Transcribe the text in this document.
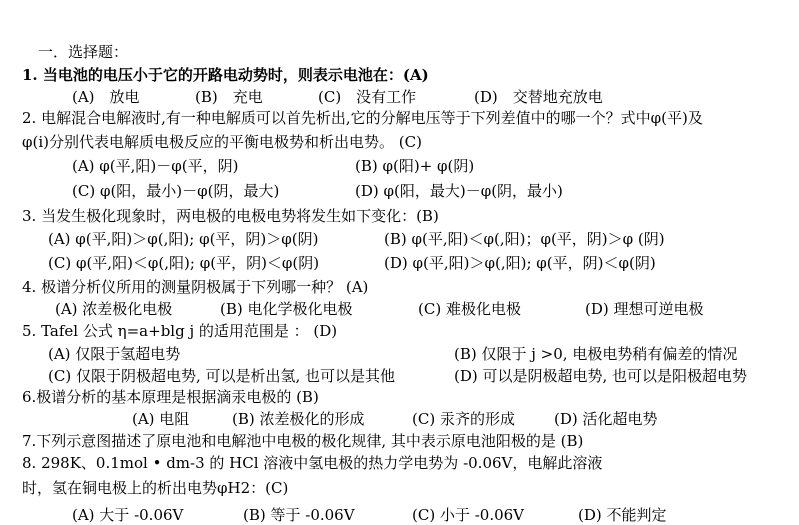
一．选择题：
1. 当电池的电压小于它的开路电动势时，则表示电池在：(A)
(A)　放电	(B)　充电	(C)　没有工作	(D)　交替地充放电
2. 电解混合电解液时,有一种电解质可以首先析出,它的分解电压等于下列差值中的哪一个？式中φ(平)及
φ(i)分别代表电解质电极反应的平衡电极势和析出电势。 (C)
(A) φ(平,阳)－φ(平，阴)	(B) φ(阳)+ φ(阴)
(C) φ(阳，最小)－φ(阴，最大)	(D) φ(阳，最大)－φ(阴，最小)
3. 当发生极化现象时，两电极的电极电势将发生如下变化：(B)
(A) φ(平,阳)＞φ(,阳); φ(平，阴)＞φ(阴)	(B) φ(平,阳)＜φ(,阳)；φ(平，阴)＞φ (阴)
(C) φ(平,阳)＜φ(,阳); φ(平，阴)＜φ(阴)	(D) φ(平,阳)＞φ(,阳); φ(平，阴)＜φ(阴)
4. 极谱分析仪所用的测量阴极属于下列哪一种？ (A)
(A) 浓差极化电极	(B) 电化学极化电极	(C) 难极化电极	(D) 理想可逆电极
5. Tafel 公式 η=a+blg j 的适用范围是 ： (D)
(A) 仅限于氢超电势	(B) 仅限于 j >0, 电极电势稍有偏差的情况
(C) 仅限于阴极超电势, 可以是析出氢, 也可以是其他	(D) 可以是阴极超电势, 也可以是阳极超电势
6.极谱分析的基本原理是根据滴汞电极的 (B)
(A) 电阻	(B) 浓差极化的形成	(C) 汞齐的形成	(D) 活化超电势
7.下列示意图描述了原电池和电解池中电极的极化规律, 其中表示原电池阳极的是 (B)
8. 298K、0.1mol • dm-3 的 HCl 溶液中氢电极的热力学电势为 -0.06V，电解此溶液
时，氢在铜电极上的析出电势φH2：(C)
(A) 大于 -0.06V	(B) 等于 -0.06V	(C) 小于 -0.06V	(D) 不能判定
